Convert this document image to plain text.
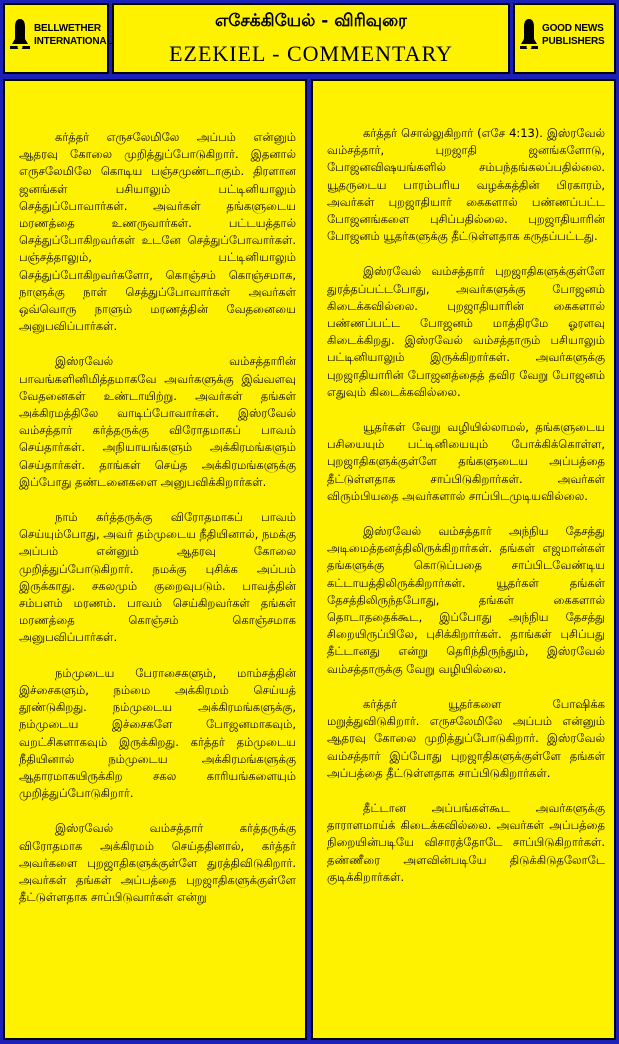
BELLWETHER
INTERNATIONAL
எசேக்கியேல் - விரிவுரை
EZEKIEL - COMMENTARY
GOOD NEWS
PUBLISHERS

கர்த்தர் எருசலேமிலே அப்பம் என்னும் ஆதரவு கோலை முறித்துப்போடுகிறார். இதனால் எருசலேமிலே கொடிய பஞ்சமுண்டாகும். திரளான ஜனங்கள் பசியாலும் பட்டினியாலும் செத்துப்போவார்கள். அவர்கள் தங்களுடைய மரணத்தை உணருவார்கள். பட்டயத்தால் செத்துப்போகிறவர்கள் உடனே செத்துப்போவார்கள். பஞ்சத்தாலும், பட்டினியாலும் செத்துப்போகிறவர்களோ, கொஞ்சம் கொஞ்சமாக, நாளுக்கு நாள் செத்துப்போவார்கள் அவர்கள் ஒவ்வொரு நாளும் மரணத்தின் வேதனையை அனுபவிப்பார்கள்.

இஸ்ரவேல் வம்சத்தாரின் பாவங்களினிமித்தமாகவே அவர்களுக்கு இவ்வளவு வேதனைகள் உண்டாயிற்று. அவர்கள் தங்கள் அக்கிரமத்திலே வாடிப்போவார்கள். இஸ்ரவேல் வம்சத்தார் கர்த்தருக்கு விரோதமாகப் பாவம் செய்தார்கள். அநியாயங்களும் அக்கிரமங்களும் செய்தார்கள். தாங்கள் செய்த அக்கிரமங்களுக்கு இப்போது தண்டனைகளை அனுபவிக்கிறார்கள்.

நாம் கர்த்தருக்கு விரோதமாகப் பாவம் செய்யும்போது, அவர் தம்முடைய நீதியினால், நமக்கு அப்பம் என்னும் ஆதரவு கோலை முறித்துப்போடுகிறார். நமக்கு புசிக்க அப்பம் இருக்காது. சகலமும் குறைவுபடும். பாவத்தின் சம்பளம் மரணம். பாவம் செய்கிறவர்கள் தங்கள் மரணத்தை கொஞ்சம் கொஞ்சமாக அனுபவிப்பார்கள்.

நம்முடைய பேராசைகளும், மாம்சத்தின் இச்சைகளும், நம்மை அக்கிரமம் செய்யத் தூண்டுகிறது. நம்முடைய அக்கிரமங்களுக்கு, நம்முடைய இச்சைகளே போஜனமாகவும், வறட்சிகளாகவும் இருக்கிறது. கர்த்தர் தம்முடைய நீதியினால் நம்முடைய அக்கிரமங்களுக்கு ஆதாரமாகயிருக்கிற சகல காரியங்களையும் முறித்துப்போடுகிறார்.

இஸ்ரவேல் வம்சத்தார் கர்த்தருக்கு விரோதமாக அக்கிரமம் செய்ததினால், கர்த்தர் அவர்களை புறஜாதிகளுக்குள்ளே துரத்திவிடுகிறார். அவர்கள் தங்கள் அப்பத்தை புறஜாதிகளுக்குள்ளே தீட்டுள்ளதாக சாப்பிடுவார்கள் என்று

கர்த்தர் சொல்லுகிறார் (எசே 4:13). இஸ்ரவேல் வம்சத்தார், புறஜாதி ஜனங்களோடு, போஜனவிஷயங்களில் சம்பந்தங்கலப்பதில்லை. யூதருடைய பாரம்பரிய வழக்கத்தின் பிரகாரம், அவர்கள் புறஜாதியார் கைகளால் பண்ணப்பட்ட போஜனங்களை புசிப்பதில்லை. புறஜாதியாரின் போஜனம் யூதர்களுக்கு தீட்டுள்ளதாக கருதப்பட்டது.

இஸ்ரவேல் வம்சத்தார் புறஜாதிகளுக்குள்ளே துரத்தப்பட்டபோது, அவர்களுக்கு போஜனம் கிடைக்கவில்லை. புறஜாதியாரின் கைகளால் பண்ணப்பட்ட போஜனம் மாத்திரமே ஓரளவு கிடைக்கிறது. இஸ்ரவேல் வம்சத்தாரும் பசியாலும் பட்டினியாலும் இருக்கிறார்கள். அவர்களுக்கு புறஜாதியாரின் போஜனத்தைத் தவிர வேறு போஜனம் எதுவும் கிடைக்கவில்லை.

யூதர்கள் வேறு வழியில்லாமல், தங்களுடைய பசியையும் பட்டினியையும் போக்கிக்கொள்ள, புறஜாதிகளுக்குள்ளே தங்களுடைய அப்பத்தை தீட்டுள்ளதாக சாப்பிடுகிறார்கள். அவர்கள் விரும்பியதை அவர்களால் சாப்பிடமுடியவில்லை.

இஸ்ரவேல் வம்சத்தார் அந்நிய தேசத்து அடிமைத்தனத்திலிருக்கிறார்கள். தங்கள் எஜமான்கள் தங்களுக்கு கொடுப்பதை சாப்பிடவேண்டிய கட்டாயத்திலிருக்கிறார்கள். யூதர்கள் தங்கள் தேசத்திலிருந்தபோது, தங்கள் கைகளால் தொடாததைக்கூட, இப்போது அந்நிய தேசத்து சிறையிருப்பிலே, புசிக்கிறார்கள். தாங்கள் புசிப்பது தீட்டானது என்று தெரிந்திருந்தும், இஸ்ரவேல் வம்சத்தாருக்கு வேறு வழியில்லை.

கர்த்தர் யூதர்களை போஷிக்க மறுத்துவிடுகிறார். எருசலேமிலே அப்பம் என்னும் ஆதரவு கோலை முறித்துப்போடுகிறார். இஸ்ரவேல் வம்சத்தார் இப்போது புறஜாதிகளுக்குள்ளே தங்கள் அப்பத்தை தீட்டுள்ளதாக சாப்பிடுகிறார்கள்.

தீட்டான அப்பங்கள்கூட அவர்களுக்கு தாராளமாய்க் கிடைக்கவில்லை. அவர்கள் அப்பத்தை நிறையின்படியே விசாரத்தோடே சாப்பிடுகிறார்கள். தண்ணீரை அளவின்படியே திடுக்கிடுதலோடே குடிக்கிறார்கள்.
